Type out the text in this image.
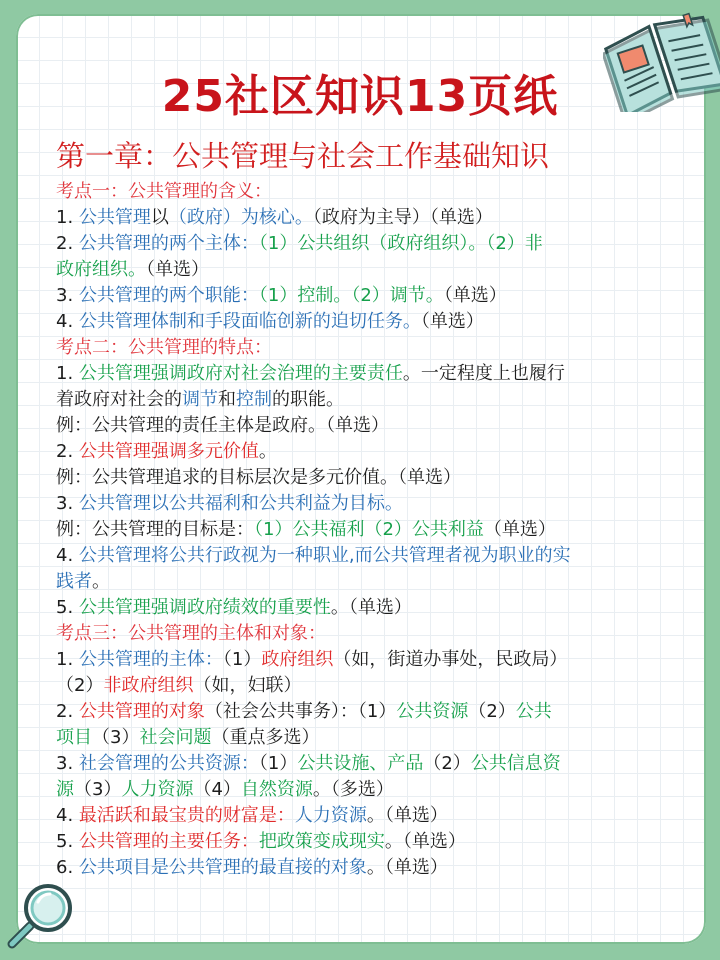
25社区知识13页纸
第一章：公共管理与社会工作基础知识
考点一：公共管理的含义：
1. 公共管理以（政府）为核心。（政府为主导）（单选）
2. 公共管理的两个主体：（1）公共组织（政府组织）。（2）非
政府组织。（单选）
3. 公共管理的两个职能：（1）控制。（2）调节。（单选）
4. 公共管理体制和手段面临创新的迫切任务。（单选）
考点二：公共管理的特点：
1. 公共管理强调政府对社会治理的主要责任。一定程度上也履行
着政府对社会的调节和控制的职能。
例：公共管理的责任主体是政府。（单选）
2. 公共管理强调多元价值。
例：公共管理追求的目标层次是多元价值。（单选）
3. 公共管理以公共福利和公共利益为目标。
例：公共管理的目标是：（1）公共福利（2）公共利益（单选）
4. 公共管理将公共行政视为一种职业,而公共管理者视为职业的实
践者。
5. 公共管理强调政府绩效的重要性。（单选）
考点三：公共管理的主体和对象：
1. 公共管理的主体：（1）政府组织（如，街道办事处，民政局）
（2）非政府组织（如，妇联）
2. 公共管理的对象（社会公共事务）：（1）公共资源（2）公共
项目（3）社会问题（重点多选）
3. 社会管理的公共资源：（1）公共设施、产品（2）公共信息资
源（3）人力资源（4）自然资源。（多选）
4. 最活跃和最宝贵的财富是：人力资源。（单选）
5. 公共管理的主要任务：把政策变成现实。（单选）
6. 公共项目是公共管理的最直接的对象。（单选）
